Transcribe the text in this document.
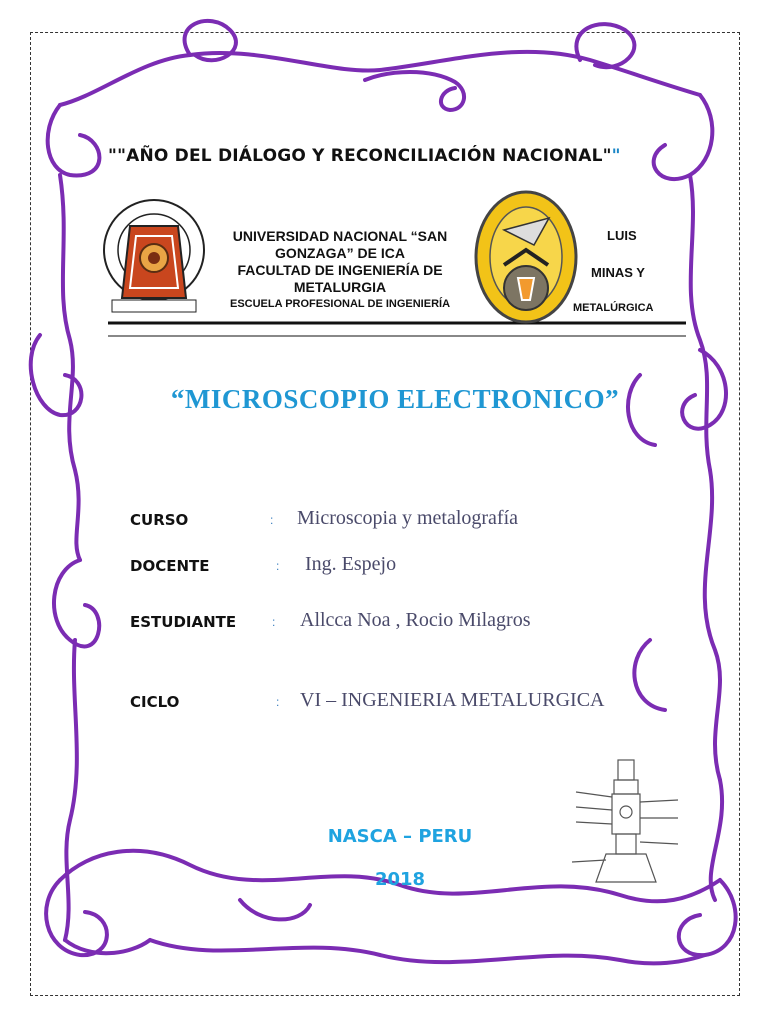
""AÑO DEL DIÁLOGO Y RECONCILIACIÓN NACIONAL""
UNIVERSIDAD NACIONAL “SAN
GONZAGA” DE ICA
FACULTAD DE INGENIERÍA DE
METALURGIA
ESCUELA PROFESIONAL DE INGENIERÍA
LUIS
MINAS Y
METALÚRGICA
“MICROSCOPIO ELECTRONICO”
CURSO	: Microscopia y metalografía
DOCENTE	: Ing. Espejo
ESTUDIANTE	: Allcca Noa , Rocio Milagros
CICLO	: VI – INGENIERIA METALURGICA
NASCA – PERU
2018
